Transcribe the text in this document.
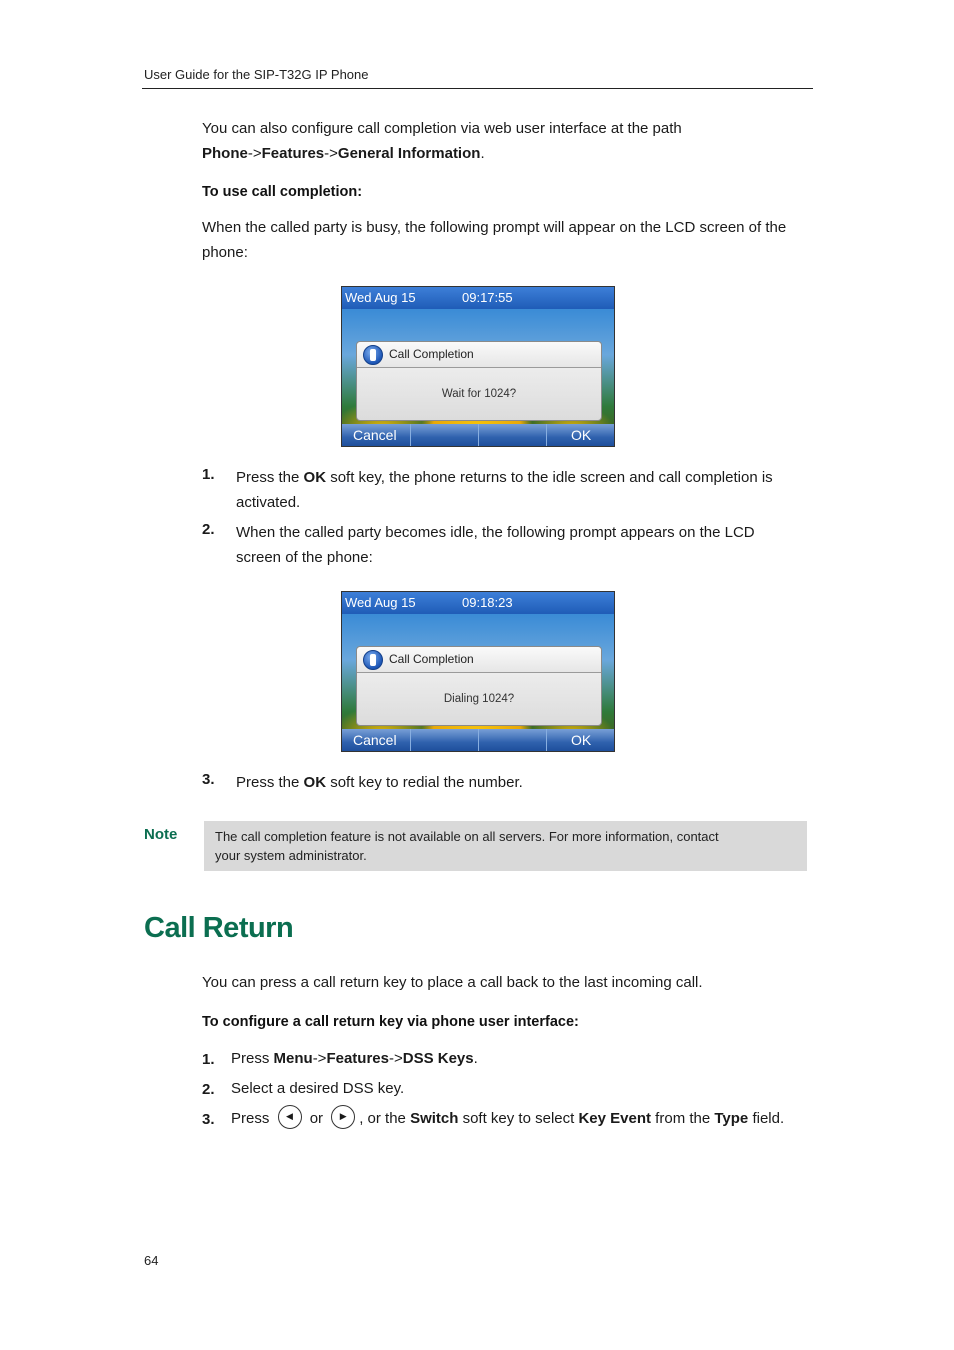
User Guide for the SIP-T32G IP Phone
You can also configure call completion via web user interface at the path
Phone->Features->General Information.
To use call completion:
When the called party is busy, the following prompt will appear on the LCD screen of the
phone:
Wed Aug 15	09:17:55
Call Completion
Wait for 1024?
Cancel	OK
1. Press the OK soft key, the phone returns to the idle screen and call completion is
activated.
2. When the called party becomes idle, the following prompt appears on the LCD
screen of the phone:
Wed Aug 15	09:18:23
Call Completion
Dialing 1024?
Cancel	OK
3. Press the OK soft key to redial the number.
Note	The call completion feature is not available on all servers. For more information, contact
your system administrator.
Call Return
You can press a call return key to place a call back to the last incoming call.
To configure a call return key via phone user interface:
1. Press Menu->Features->DSS Keys.
2. Select a desired DSS key.
3. Press	◀	or	▶ , or the Switch soft key to select Key Event from the Type field.
64
